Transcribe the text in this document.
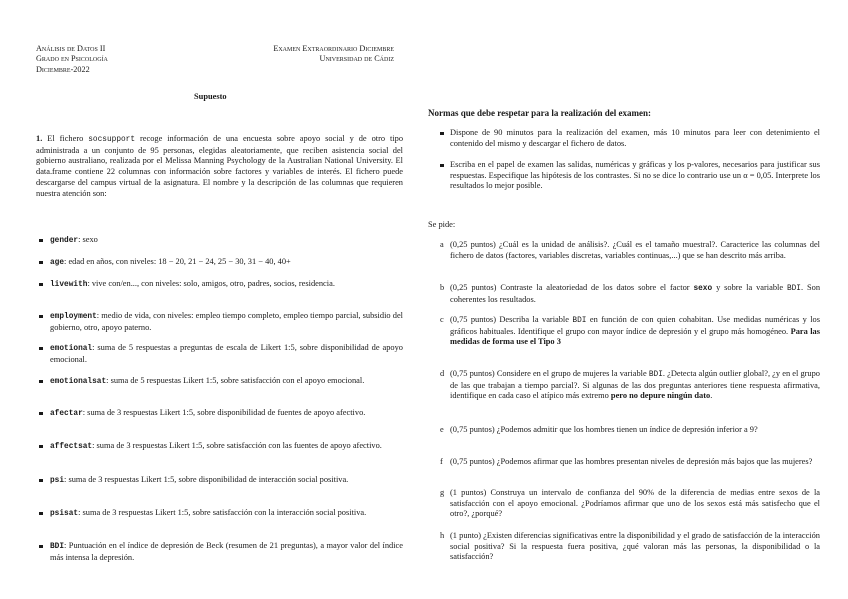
Análisis de Datos II
Grado en Psicología
Diciembre-2022
Examen Extraordinario Diciembre
Universidad de Cádiz
Supuesto

1. El fichero socsupport recoge información de una encuesta sobre apoyo social y de otro tipo administrada a un conjunto de 95 personas, elegidas aleatoriamente, que reciben asistencia social del gobierno australiano, realizada por el Melissa Manning Psychology de la Australian National University. El data.frame contiene 22 columnas con información sobre factores y variables de interés. El fichero puede descargarse del campus virtual de la asignatura. El nombre y la descripción de las columnas que requieren nuestra atención son:

gender: sexo
age: edad en años, con niveles: 18 − 20, 21 − 24, 25 − 30, 31 − 40, 40+
livewith: vive con/en..., con niveles: solo, amigos, otro, padres, socios, residencia.
employment: medio de vida, con niveles: empleo tiempo completo, empleo tiempo parcial, subsidio del gobierno, otro, apoyo paterno.
emotional: suma de 5 respuestas a preguntas de escala de Likert 1:5, sobre disponibilidad de apoyo emocional.
emotionalsat: suma de 5 respuestas Likert 1:5, sobre satisfacción con el apoyo emocional.
afectar: suma de 3 respuestas Likert 1:5, sobre disponibilidad de fuentes de apoyo afectivo.
affectsat: suma de 3 respuestas Likert 1:5, sobre satisfacción con las fuentes de apoyo afectivo.
psi: suma de 3 respuestas Likert 1:5, sobre disponibilidad de interacción social positiva.
psisat: suma de 3 respuestas Likert 1:5, sobre satisfacción con la interacción social positiva.
BDI: Puntuación en el índice de depresión de Beck (resumen de 21 preguntas), a mayor valor del índice más intensa la depresión.
Normas que debe respetar para la realización del examen:
Dispone de 90 minutos para la realización del examen, más 10 minutos para leer con detenimiento el contenido del mismo y descargar el fichero de datos.
Escriba en el papel de examen las salidas, numéricas y gráficas y los p-valores, necesarios para justificar sus respuestas. Especifique las hipótesis de los contrastes. Si no se dice lo contrario use un α = 0,05. Interprete los resultados lo mejor posible.
Se pide:
a (0,25 puntos) ¿Cuál es la unidad de análisis?. ¿Cuál es el tamaño muestral?. Caracterice las columnas del fichero de datos (factores, variables discretas, variables continuas,...) que se han descrito más arriba.
b (0,25 puntos) Contraste la aleatoriedad de los datos sobre el factor sexo y sobre la variable BDI. Son coherentes los resultados.
c (0,75 puntos) Describa la variable BDI en función de con quien cohabitan. Use medidas numéricas y los gráficos habituales. Identifique el grupo con mayor índice de depresión y el grupo más homogéneo. Para las medidas de forma use el Tipo 3
d (0,75 puntos) Considere en el grupo de mujeres la variable BDI. ¿Detecta algún outlier global?, ¿y en el grupo de las que trabajan a tiempo parcial?. Si algunas de las dos preguntas anteriores tiene respuesta afirmativa, identifique en cada caso el atípico más extremo pero no depure ningún dato.
e (0,75 puntos) ¿Podemos admitir que los hombres tienen un índice de depresión inferior a 9?
f (0,75 puntos) ¿Podemos afirmar que las hombres presentan niveles de depresión más bajos que las mujeres?
g (1 puntos) Construya un intervalo de confianza del 90% de la diferencia de medias entre sexos de la satisfacción con el apoyo emocional. ¿Podríamos afirmar que uno de los sexos está más satisfecho que el otro?, ¿porqué?
h (1 punto) ¿Existen diferencias significativas entre la disponibilidad y el grado de satisfacción de la interacción social positiva? Si la respuesta fuera positiva, ¿qué valoran más las personas, la disponibilidad o la satisfacción?
